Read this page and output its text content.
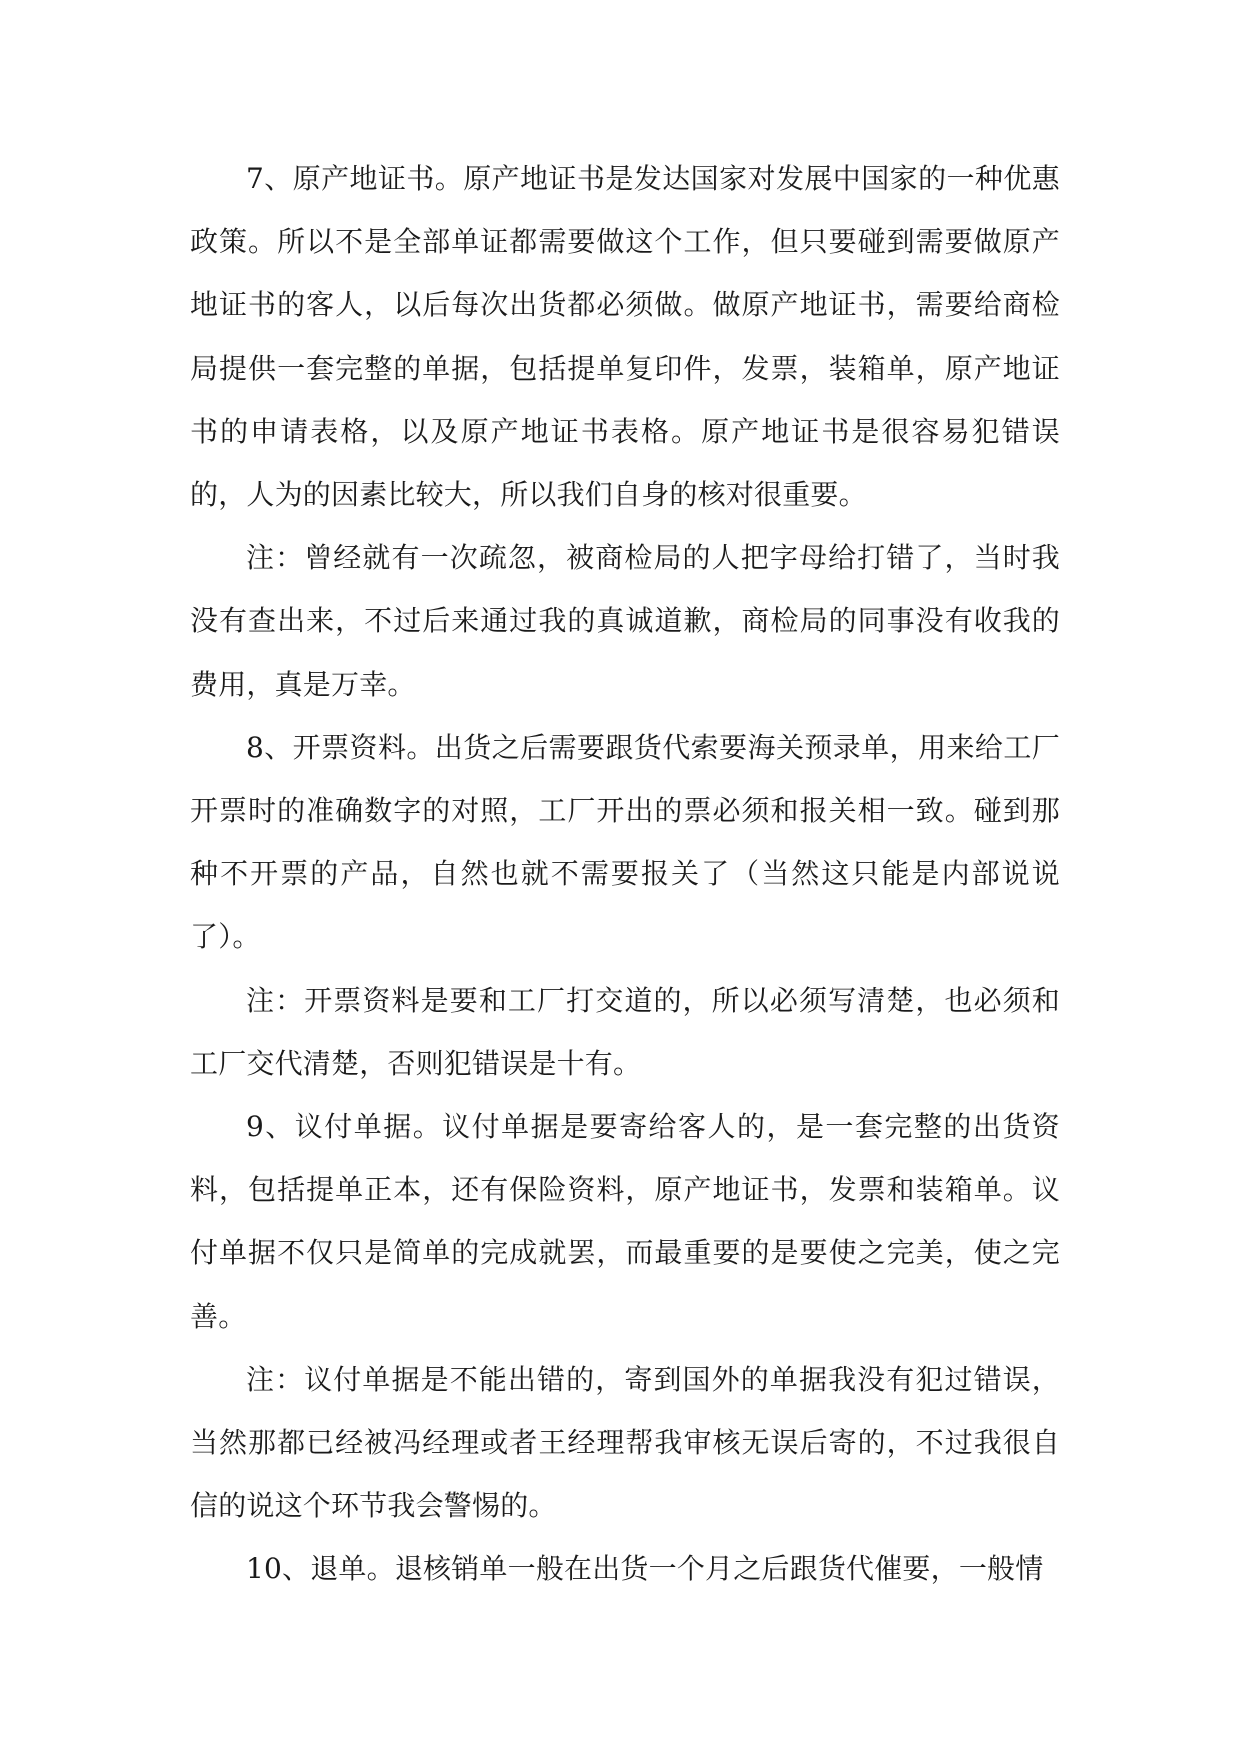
7、原产地证书。原产地证书是发达国家对发展中国家的一种优惠政策。所以不是全部单证都需要做这个工作，但只要碰到需要做原产地证书的客人，以后每次出货都必须做。做原产地证书，需要给商检局提供一套完整的单据，包括提单复印件，发票，装箱单，原产地证书的申请表格，以及原产地证书表格。原产地证书是很容易犯错误的，人为的因素比较大，所以我们自身的核对很重要。

注：曾经就有一次疏忽，被商检局的人把字母给打错了，当时我没有查出来，不过后来通过我的真诚道歉，商检局的同事没有收我的费用，真是万幸。

8、开票资料。出货之后需要跟货代索要海关预录单，用来给工厂开票时的准确数字的对照，工厂开出的票必须和报关相一致。碰到那种不开票的产品，自然也就不需要报关了（当然这只能是内部说说了）。

注：开票资料是要和工厂打交道的，所以必须写清楚，也必须和工厂交代清楚，否则犯错误是十有。

9、议付单据。议付单据是要寄给客人的，是一套完整的出货资料，包括提单正本，还有保险资料，原产地证书，发票和装箱单。议付单据不仅只是简单的完成就罢，而最重要的是要使之完美，使之完善。

注：议付单据是不能出错的，寄到国外的单据我没有犯过错误，当然那都已经被冯经理或者王经理帮我审核无误后寄的，不过我很自信的说这个环节我会警惕的。

10、退单。退核销单一般在出货一个月之后跟货代催要，一般情
